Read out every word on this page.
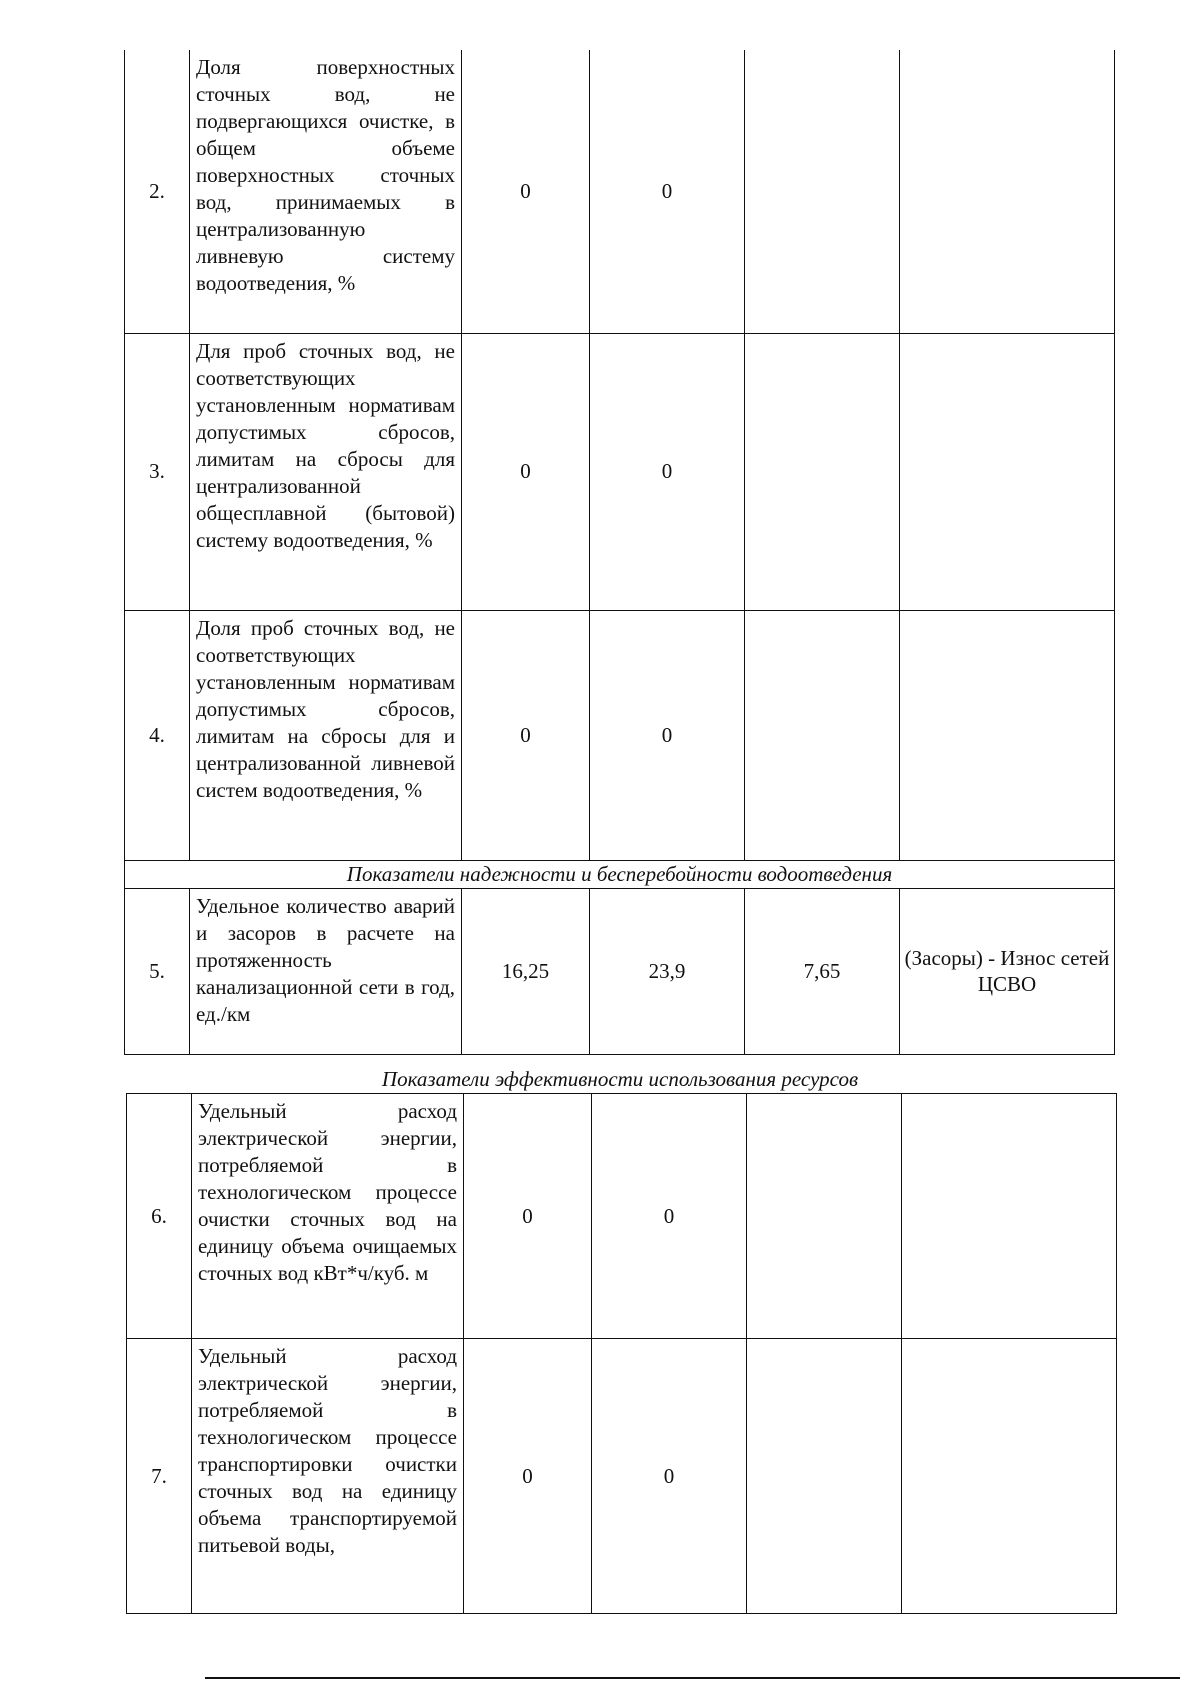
2.	Доля поверхностных сточных вод, не подвергающихся очистке, в общем объеме поверхностных сточных вод, принимаемых в централизованную ливневую систему водоотведения, %	0	0		
3.	Для проб сточных вод, не соответствующих установленным нормативам допустимых сбросов, лимитам на сбросы для централизованной общесплавной (бытовой) систему водоотведения, %	0	0		
4.	Доля проб сточных вод, не соответствующих установленным нормативам допустимых сбросов, лимитам на сбросы для и централизованной ливневой систем водоотведения, %	0	0		
Показатели надежности и бесперебойности водоотведения					
5.	Удельное количество аварий и засоров в расчете на протяженность канализационной сети в год, ед./км	16,25	23,9	7,65	(Засоры) - Износ сетей ЦСВО
Показатели эффективности использования ресурсов
6.	Удельный расход электрической энергии, потребляемой в технологическом процессе очистки сточных вод на единицу объема очищаемых сточных вод кВт*ч/куб. м	0	0		
7.	Удельный расход электрической энергии, потребляемой в технологическом процессе транспортировки очистки сточных вод на единицу объема транспортируемой питьевой воды,	0	0		
